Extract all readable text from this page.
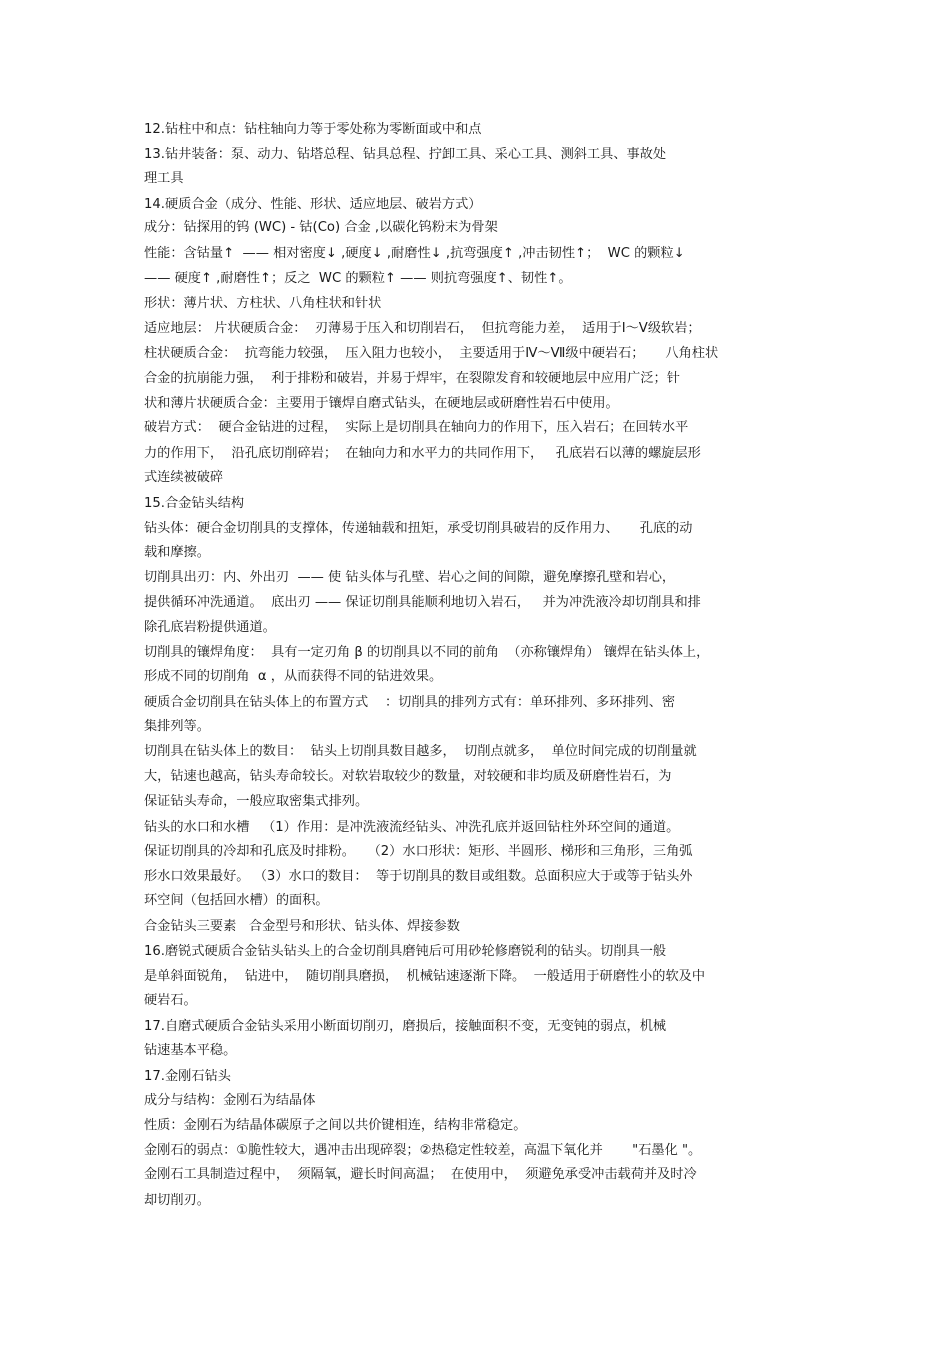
12.钻柱中和点：钻柱轴向力等于零处称为零断面或中和点
13.钻井装备：泵、动力、钻塔总程、钻具总程、拧卸工具、采心工具、测斜工具、事故处
理工具
14.硬质合金（成分、性能、形状、适应地层、破岩方式）
成分：钻探用的钨 (WC) - 钴(Co) 合金 ,以碳化钨粉末为骨架
性能：含钴量↑  —— 相对密度↓ ,硬度↓ ,耐磨性↓ ,抗弯强度↑ ,冲击韧性↑；  WC 的颗粒↓
—— 硬度↑ ,耐磨性↑；反之  WC 的颗粒↑ —— 则抗弯强度↑、韧性↑。
形状：薄片状、方柱状、八角柱状和针状
适应地层： 片状硬质合金：  刃薄易于压入和切削岩石，  但抗弯能力差，  适用于Ⅰ～Ⅴ级软岩；
柱状硬质合金：  抗弯能力较强，  压入阻力也较小，  主要适用于Ⅳ～Ⅶ级中硬岩石；     八角柱状
合金的抗崩能力强，  利于排粉和破岩，并易于焊牢，在裂隙发育和较硬地层中应用广泛；针
状和薄片状硬质合金：主要用于镶焊自磨式钻头，在硬地层或研磨性岩石中使用。
破岩方式：  硬合金钻进的过程，  实际上是切削具在轴向力的作用下，压入岩石；在回转水平
力的作用下，  沿孔底切削碎岩；  在轴向力和水平力的共同作用下，   孔底岩石以薄的螺旋层形
式连续被破碎
15.合金钻头结构
钻头体：硬合金切削具的支撑体，传递轴载和扭矩，承受切削具破岩的反作用力、     孔底的动
载和摩擦。
切削具出刃：内、外出刃  —— 使 钻头体与孔壁、岩心之间的间隙，避免摩擦孔壁和岩心，
提供循环冲洗通道。  底出刃 —— 保证切削具能顺利地切入岩石，   并为冲洗液冷却切削具和排
除孔底岩粉提供通道。
切削具的镶焊角度：  具有一定刃角 β 的切削具以不同的前角  （亦称镶焊角） 镶焊在钻头体上，
形成不同的切削角  α ，从而获得不同的钻进效果。
硬质合金切削具在钻头体上的布置方式    ：切削具的排列方式有：单环排列、多环排列、密
集排列等。
切削具在钻头体上的数目：  钻头上切削具数目越多，  切削点就多，  单位时间完成的切削量就
大，钻速也越高，钻头寿命较长。对软岩取较少的数量，对较硬和非均质及研磨性岩石，为
保证钻头寿命，一般应取密集式排列。
钻头的水口和水槽   （1）作用：是冲洗液流经钻头、冲洗孔底并返回钻柱外环空间的通道。
保证切削具的冷却和孔底及时排粉。   （2）水口形状：矩形、半圆形、梯形和三角形，三角弧
形水口效果最好。 （3）水口的数目：  等于切削具的数目或组数。总面积应大于或等于钻头外
环空间（包括回水槽）的面积。
合金钻头三要素   合金型号和形状、钻头体、焊接参数
16.磨锐式硬质合金钻头钻头上的合金切削具磨钝后可用砂轮修磨锐利的钻头。切削具一般
是单斜面锐角，  钻进中，  随切削具磨损，  机械钻速逐渐下降。  一般适用于研磨性小的软及中
硬岩石。
17.自磨式硬质合金钻头采用小断面切削刃，磨损后，接触面积不变，无变钝的弱点，机械
钻速基本平稳。
17.金刚石钻头
成分与结构：金刚石为结晶体
性质：金刚石为结晶体碳原子之间以共价键相连，结构非常稳定。
金刚石的弱点：①脆性较大，遇冲击出现碎裂；②热稳定性较差，高温下氧化并       "石墨化 "。
金刚石工具制造过程中，  须隔氧，避长时间高温；  在使用中，  须避免承受冲击载荷并及时冷
却切削刃。
